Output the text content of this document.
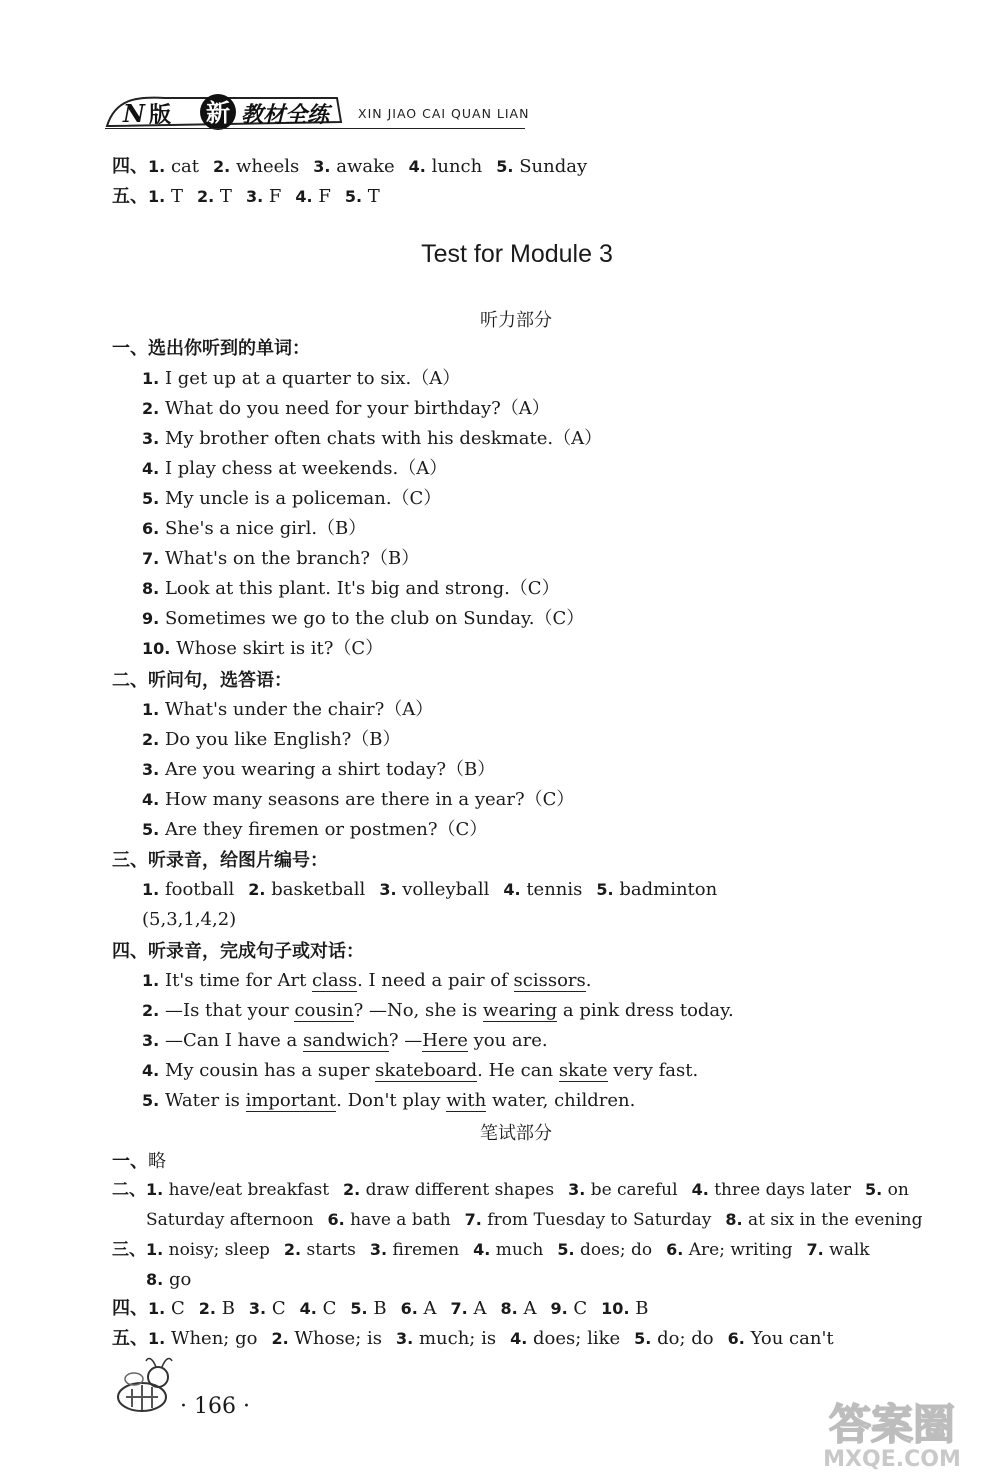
N 版 新 教材全练	XIN JIAO CAI QUAN LIAN
四、1. cat 2. wheels 3. awake 4. lunch 5. Sunday
五、1. T 2. T 3. F 4. F 5. T
Test for Module 3
听力部分
一、选出你听到的单词：
1. I get up at a quarter to six.（A）
2. What do you need for your birthday?（A）
3. My brother often chats with his deskmate.（A）
4. I play chess at weekends.（A）
5. My uncle is a policeman.（C）
6. She's a nice girl.（B）
7. What's on the branch?（B）
8. Look at this plant. It's big and strong.（C）
9. Sometimes we go to the club on Sunday.（C）
10. Whose skirt is it?（C）
二、听问句，选答语：
1. What's under the chair?（A）
2. Do you like English?（B）
3. Are you wearing a shirt today?（B）
4. How many seasons are there in a year?（C）
5. Are they firemen or postmen?（C）
三、听录音，给图片编号：
1. football 2. basketball 3. volleyball 4. tennis 5. badminton
(5,3,1,4,2)
四、听录音，完成句子或对话：
1. It's time for Art class. I need a pair of scissors.
2. —Is that your cousin? —No, she is wearing a pink dress today.
3. —Can I have a sandwich? —Here you are.
4. My cousin has a super skateboard. He can skate very fast.
5. Water is important. Don't play with water, children.
笔试部分
一、略
二、1. have/eat breakfast 2. draw different shapes 3. be careful 4. three days later 5. on
Saturday afternoon 6. have a bath 7. from Tuesday to Saturday 8. at six in the evening
三、1. noisy; sleep 2. starts 3. firemen 4. much 5. does; do 6. Are; writing 7. walk
8. go
四、1. C 2. B 3. C 4. C 5. B 6. A 7. A 8. A 9. C 10. B
五、1. When; go 2. Whose; is 3. much; is 4. does; like 5. do; do 6. You can't
· 166 ·	答案圈
MXQE.COM
